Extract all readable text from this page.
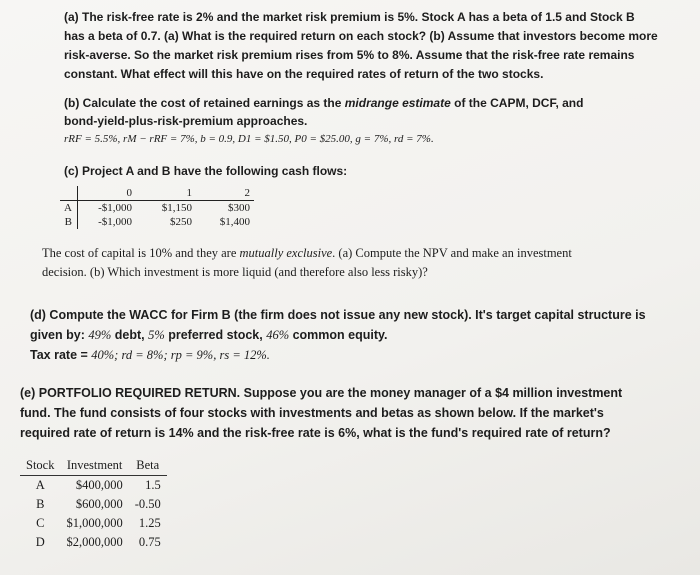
(a) The risk-free rate is 2% and the market risk premium is 5%. Stock A has a beta of 1.5 and Stock B
has a beta of 0.7. (a) What is the required return on each stock? (b) Assume that investors become more
risk-averse. So the market risk premium rises from 5% to 8%. Assume that the risk-free rate remains
constant. What effect will this have on the required rates of return of the two stocks.
(b) Calculate the cost of retained earnings as the midrange estimate of the CAPM, DCF, and
bond-yield-plus-risk-premium approaches.
rRF = 5.5%, rM − rRF = 7%, b = 0.9, D1 = $1.50, P0 = $25.00, g = 7%, rd = 7%.
(c) Project A and B have the following cash flows:
	0	1	2
A	-$1,000	$1,150	$300
B	-$1,000	$250	$1,400
The cost of capital is 10% and they are mutually exclusive. (a) Compute the NPV and make an investment
decision. (b) Which investment is more liquid (and therefore also less risky)?
(d) Compute the WACC for Firm B (the firm does not issue any new stock). It's target capital structure is
given by: 49% debt, 5% preferred stock, 46% common equity.
Tax rate = 40%; rd = 8%; rp = 9%, rs = 12%.
(e) PORTFOLIO REQUIRED RETURN. Suppose you are the money manager of a $4 million investment
fund. The fund consists of four stocks with investments and betas as shown below. If the market's
required rate of return is 14% and the risk-free rate is 6%, what is the fund's required rate of return?
Stock	Investment	Beta
A	$400,000	1.5
B	$600,000	-0.50
C	$1,000,000	1.25
D	$2,000,000	0.75
